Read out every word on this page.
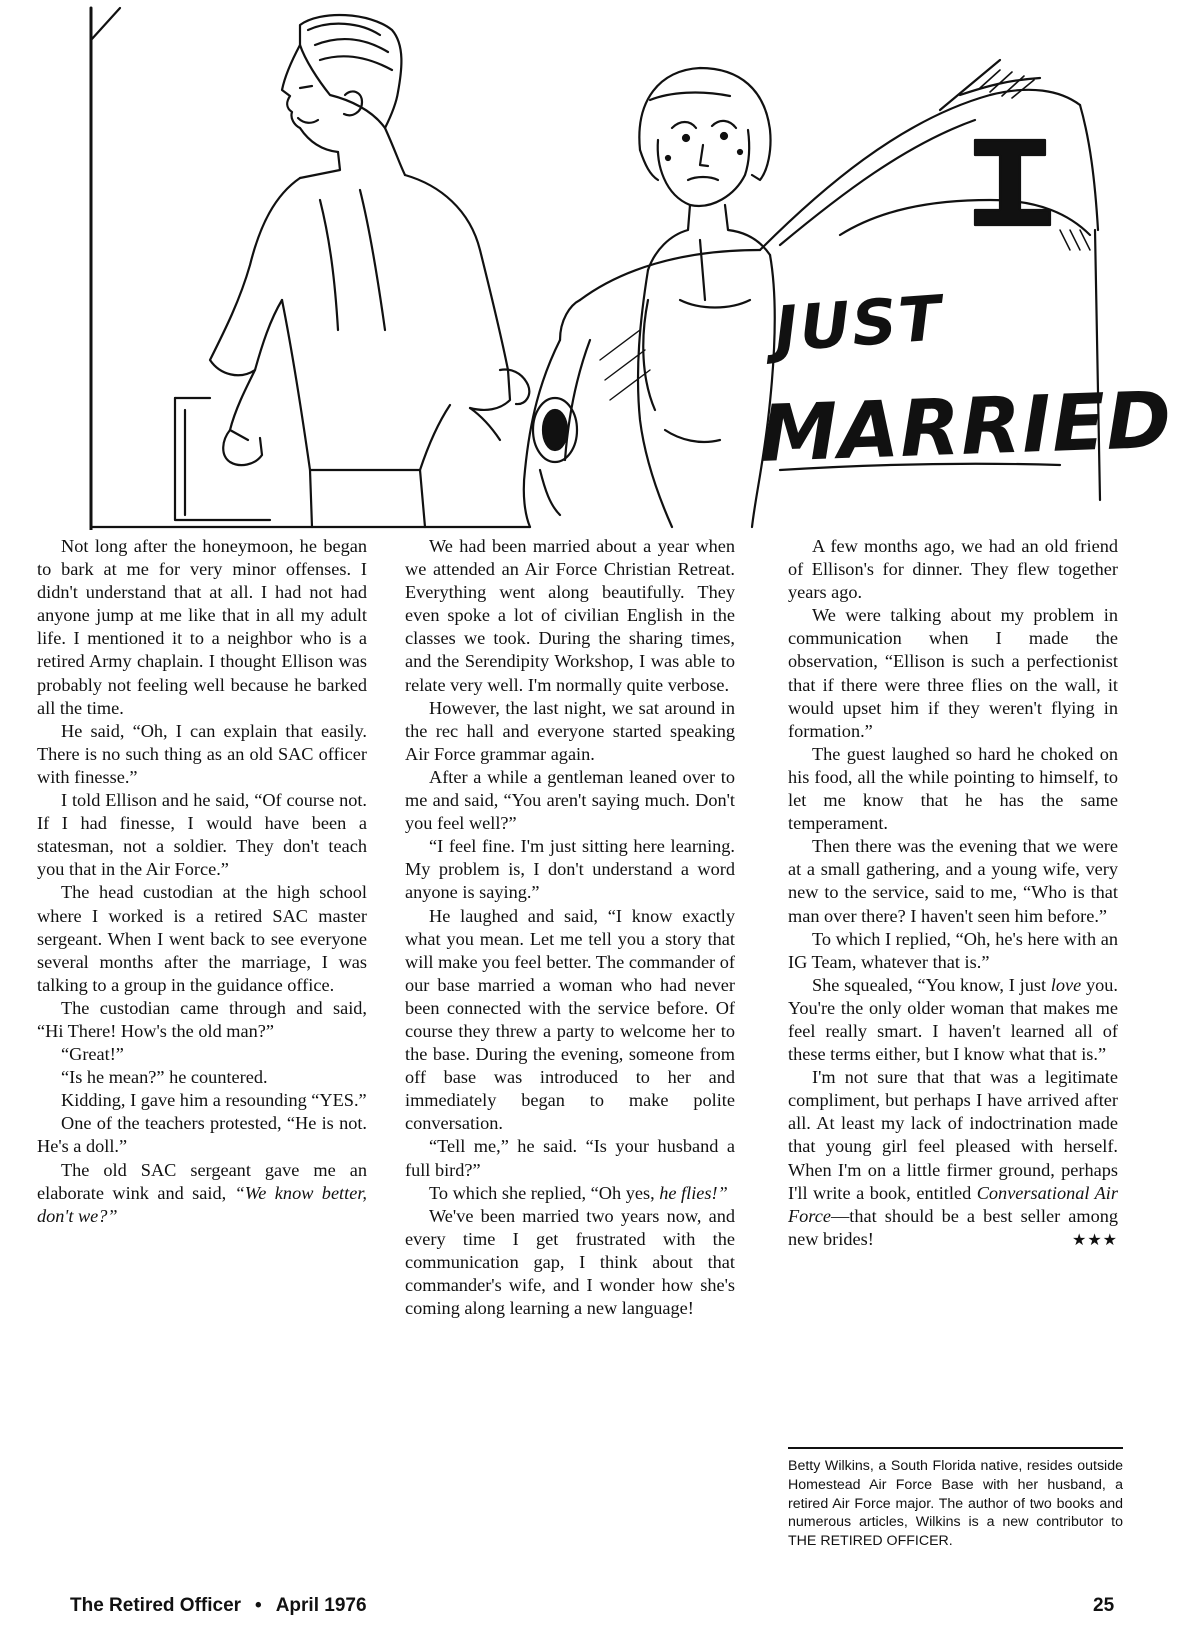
JUST
MARRIED

Not long after the honeymoon, he began to bark at me for very minor offenses. I didn't understand that at all. I had not had anyone jump at me like that in all my adult life. I mentioned it to a neighbor who is a retired Army chaplain. I thought Ellison was probably not feeling well because he barked all the time.

He said, “Oh, I can explain that easily. There is no such thing as an old SAC officer with finesse.”

I told Ellison and he said, “Of course not. If I had finesse, I would have been a statesman, not a soldier. They don't teach you that in the Air Force.”

The head custodian at the high school where I worked is a retired SAC master sergeant. When I went back to see everyone several months after the marriage, I was talking to a group in the guidance office.

The custodian came through and said, “Hi There! How's the old man?”

“Great!”

“Is he mean?” he countered.

Kidding, I gave him a resounding “YES.”

One of the teachers protested, “He is not. He's a doll.”

The old SAC sergeant gave me an elaborate wink and said, “We know better, don't we?”

We had been married about a year when we attended an Air Force Christian Retreat. Everything went along beautifully. They even spoke a lot of civilian English in the classes we took. During the sharing times, and the Serendipity Workshop, I was able to relate very well. I'm normally quite verbose.

However, the last night, we sat around in the rec hall and everyone started speaking Air Force grammar again.

After a while a gentleman leaned over to me and said, “You aren't saying much. Don't you feel well?”

“I feel fine. I'm just sitting here learning. My problem is, I don't understand a word anyone is saying.”

He laughed and said, “I know exactly what you mean. Let me tell you a story that will make you feel better. The commander of our base married a woman who had never been connected with the service before. Of course they threw a party to welcome her to the base. During the evening, someone from off base was introduced to her and immediately began to make polite conversation.

“Tell me,” he said. “Is your husband a full bird?”

To which she replied, “Oh yes, he flies!”

We've been married two years now, and every time I get frustrated with the communication gap, I think about that commander's wife, and I wonder how she's coming along learning a new language!

A few months ago, we had an old friend of Ellison's for dinner. They flew together years ago.

We were talking about my problem in communication when I made the observation, “Ellison is such a perfectionist that if there were three flies on the wall, it would upset him if they weren't flying in formation.”

The guest laughed so hard he choked on his food, all the while pointing to himself, to let me know that he has the same temperament.

Then there was the evening that we were at a small gathering, and a young wife, very new to the service, said to me, “Who is that man over there? I haven't seen him before.”

To which I replied, “Oh, he's here with an IG Team, whatever that is.”

She squealed, “You know, I just love you. You're the only older woman that makes me feel really smart. I haven't learned all of these terms either, but I know what that is.”

I'm not sure that that was a legitimate compliment, but perhaps I have arrived after all. At least my lack of indoctrination made that young girl feel pleased with herself. When I'm on a little firmer ground, perhaps I'll write a book, entitled Conversational Air Force—that should be a best seller among new brides!	★★★

Betty Wilkins, a South Florida native, resides outside Homestead Air Force Base with her husband, a retired Air Force major. The author of two books and numerous articles, Wilkins is a new contributor to THE RETIRED OFFICER.
The Retired Officer • April 1976	25
